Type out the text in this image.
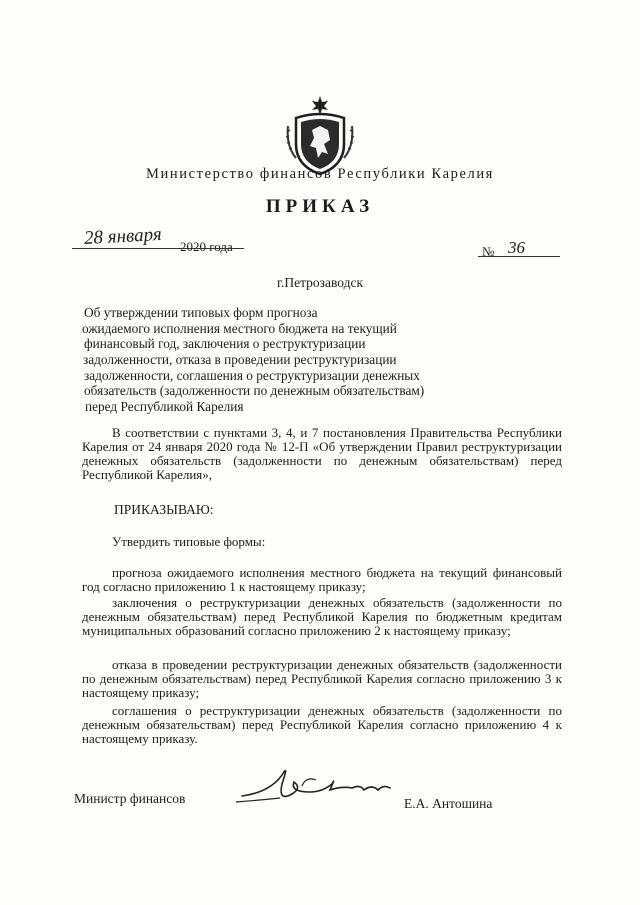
Министерство финансов Республики Карелия
ПРИКАЗ
28 января 2020 года	№ 36
г.Петрозаводск
Об утверждении типовых форм прогноза
ожидаемого исполнения местного бюджета на текущий
финансовый год, заключения о реструктуризации
задолженности, отказа в проведении реструктуризации
задолженности, соглашения о реструктуризации денежных
обязательств (задолженности по денежным обязательствам)
перед Республикой Карелия
В соответствии с пунктами 3, 4, и 7 постановления Правительства Республики Карелия от 24 января 2020 года № 12-П «Об утверждении Правил реструктуризации денежных обязательств (задолженности по денежным обязательствам) перед Республикой Карелия»,
ПРИКАЗЫВАЮ:
Утвердить типовые формы:
прогноза ожидаемого исполнения местного бюджета на текущий финансовый год согласно приложению 1 к настоящему приказу;
заключения о реструктуризации денежных обязательств (задолженности по денежным обязательствам) перед Республикой Карелия по бюджетным кредитам муниципальных образований согласно приложению 2 к настоящему приказу;
отказа в проведении реструктуризации денежных обязательств (задолженности по денежным обязательствам) перед Республикой Карелия согласно приложению 3 к настоящему приказу;
соглашения о реструктуризации денежных обязательств (задолженности по денежным обязательствам) перед Республикой Карелия согласно приложению 4 к настоящему приказу.
Министр финансов	Е.А. Антошина
